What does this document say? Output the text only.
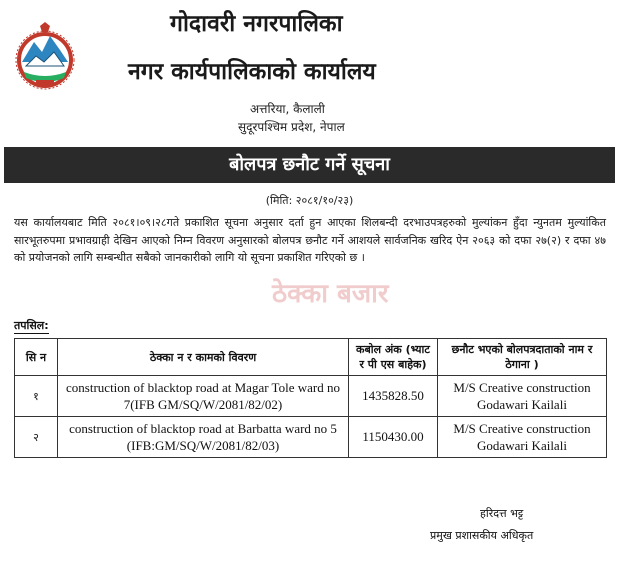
गोदावरी नगरपालिका
नगर कार्यपालिकाको कार्यालय
अत्तरिया, कैलाली
सुदूरपश्चिम प्रदेश, नेपाल
बोलपत्र छनौट गर्ने सूचना
(मिति: २०८१/१०/२३)
यस कार्यालयबाट मिति २०८१।०९।२८गते प्रकाशित सूचना अनुसार दर्ता हुन आएका शिलबन्दी दरभाउपत्रहरुको मुल्यांकन हुँदा न्युनतम मुल्यांकित सारभूतरुपमा प्रभावग्राही देखिन आएको निम्न विवरण अनुसारको बोलपत्र छनौट गर्ने आशयले सार्वजनिक खरिद ऐन २०६३ को दफा २७(२) र दफा ४७ को प्रयोजनको लागि सम्बन्धीत सबैको जानकारीको लागि यो सूचना प्रकाशित गरिएको छ ।
ठेक्का बजार
तपसिल:
सि न	ठेक्का न र कामको विवरण	कबोल अंक (भ्याट र पी एस बाहेक)	छनौट भएको बोलपत्रदाताको नाम र ठेगाना )
१	construction of blacktop road at Magar Tole ward no 7(IFB GM/SQ/W/2081/82/02)	1435828.50	M/S Creative construction Godawari Kailali
२	construction of blacktop road at Barbatta ward no 5 (IFB:GM/SQ/W/2081/82/03)	1150430.00	M/S Creative construction Godawari Kailali
हरिदत्त भट्ट
प्रमुख प्रशासकीय अधिकृत
